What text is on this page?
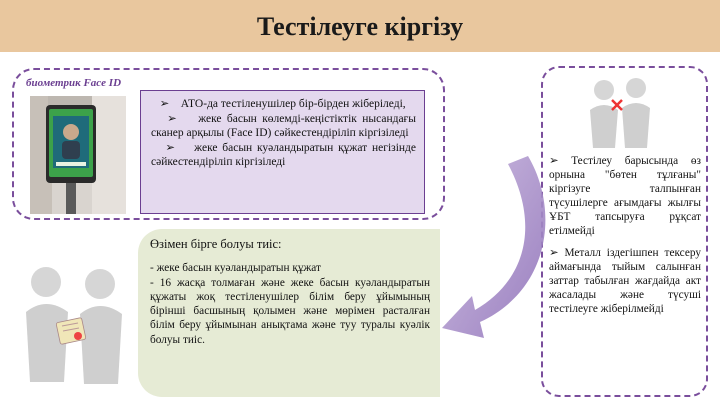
Тестілеуге кіргізу
биометрик Face ID

➢ АТО-да тестіленушілер бір-бірден жіберіледі,

➢ жеке басын көлемді-кеңістіктік нысандағы сканер арқылы (Face ID) сәйкестендіріліп кіргізіледі

➢ жеке басын куәландыратын құжат негізінде сәйкестендіріліп кіргізіледі

Өзімен бірге болуы тиіс:

- жеке басын куәландыратын құжат

- 16 жасқа толмаған және жеке басын куәландыратын құжаты жоқ тестіленушілер білім беру ұйымының бірінші басшының қолымен және мөрімен расталған білім беру ұйымынан анықтама және туу туралы куәлік болуы тиіс.

➢ Тестілеу барысында өз орнына "бөтен тұлғаны" кіргізуге талпынған түсушілерге ағымдағы жылғы ҰБТ тапсыруға рұқсат етілмейді

➢ Металл іздегішпен тексеру аймағында тыйым салынған заттар табылған жағдайда акт жасалады және түсуші тестілеуге жіберілмейді
